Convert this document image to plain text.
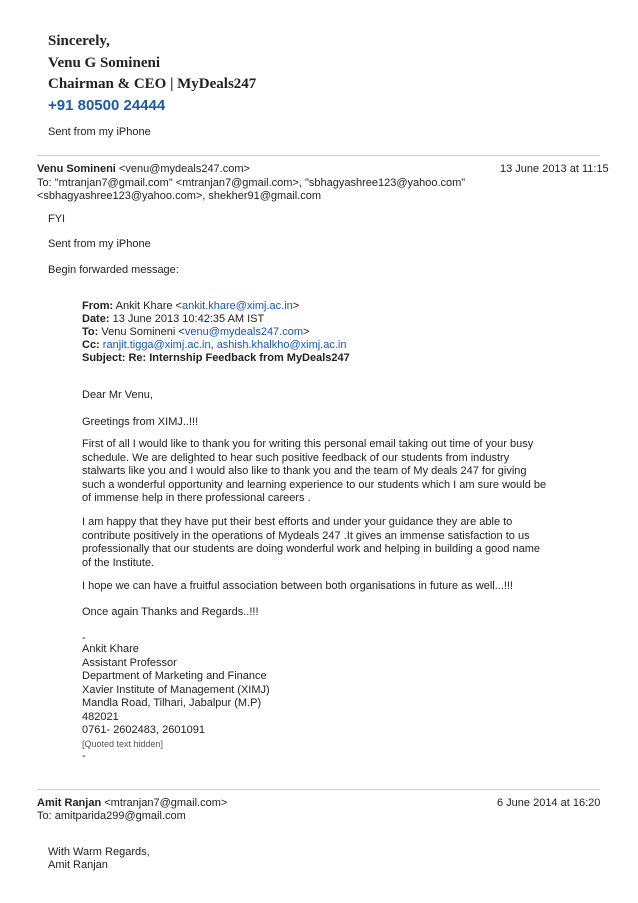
Sincerely,
Venu G Somineni
Chairman & CEO | MyDeals247
+91 80500 24444
Sent from my iPhone
Venu Somineni <venu@mydeals247.com>	13 June 2013 at 11:15
To: "mtranjan7@gmail.com" <mtranjan7@gmail.com>, "sbhagyashree123@yahoo.com"
<sbhagyashree123@yahoo.com>, shekher91@gmail.com
FYI
Sent from my iPhone
Begin forwarded message:
From: Ankit Khare <ankit.khare@ximj.ac.in>
Date: 13 June 2013 10:42:35 AM IST
To: Venu Somineni <venu@mydeals247.com>
Cc: ranjit.tigga@ximj.ac.in, ashish.khalkho@ximj.ac.in
Subject: Re: Internship Feedback from MyDeals247
Dear Mr Venu,
Greetings from XIMJ..!!!
First of all I would like to thank you for writing this personal email taking out time of your busy
schedule. We are delighted to hear such positive feedback of our students from industry
stalwarts like you and I would also like to thank you and the team of My deals 247 for giving
such a wonderful opportunity and learning experience to our students which I am sure would be
of immense help in there professional careers .
I am happy that they have put their best efforts and under your guidance they are able to
contribute positively in the operations of Mydeals 247 .It gives an immense satisfaction to us
professionally that our students are doing wonderful work and helping in building a good name
of the Institute.
I hope we can have a fruitful association between both organisations in future as well...!!!
Once again Thanks and Regards..!!!
-
Ankit Khare
Assistant Professor
Department of Marketing and Finance
Xavier Institute of Management (XIMJ)
Mandla Road, Tilhari, Jabalpur (M.P)
482021
0761- 2602483, 2601091
[Quoted text hidden]
-
Amit Ranjan <mtranjan7@gmail.com>	6 June 2014 at 16:20
To: amitparida299@gmail.com
With Warm Regards,
Amit Ranjan
